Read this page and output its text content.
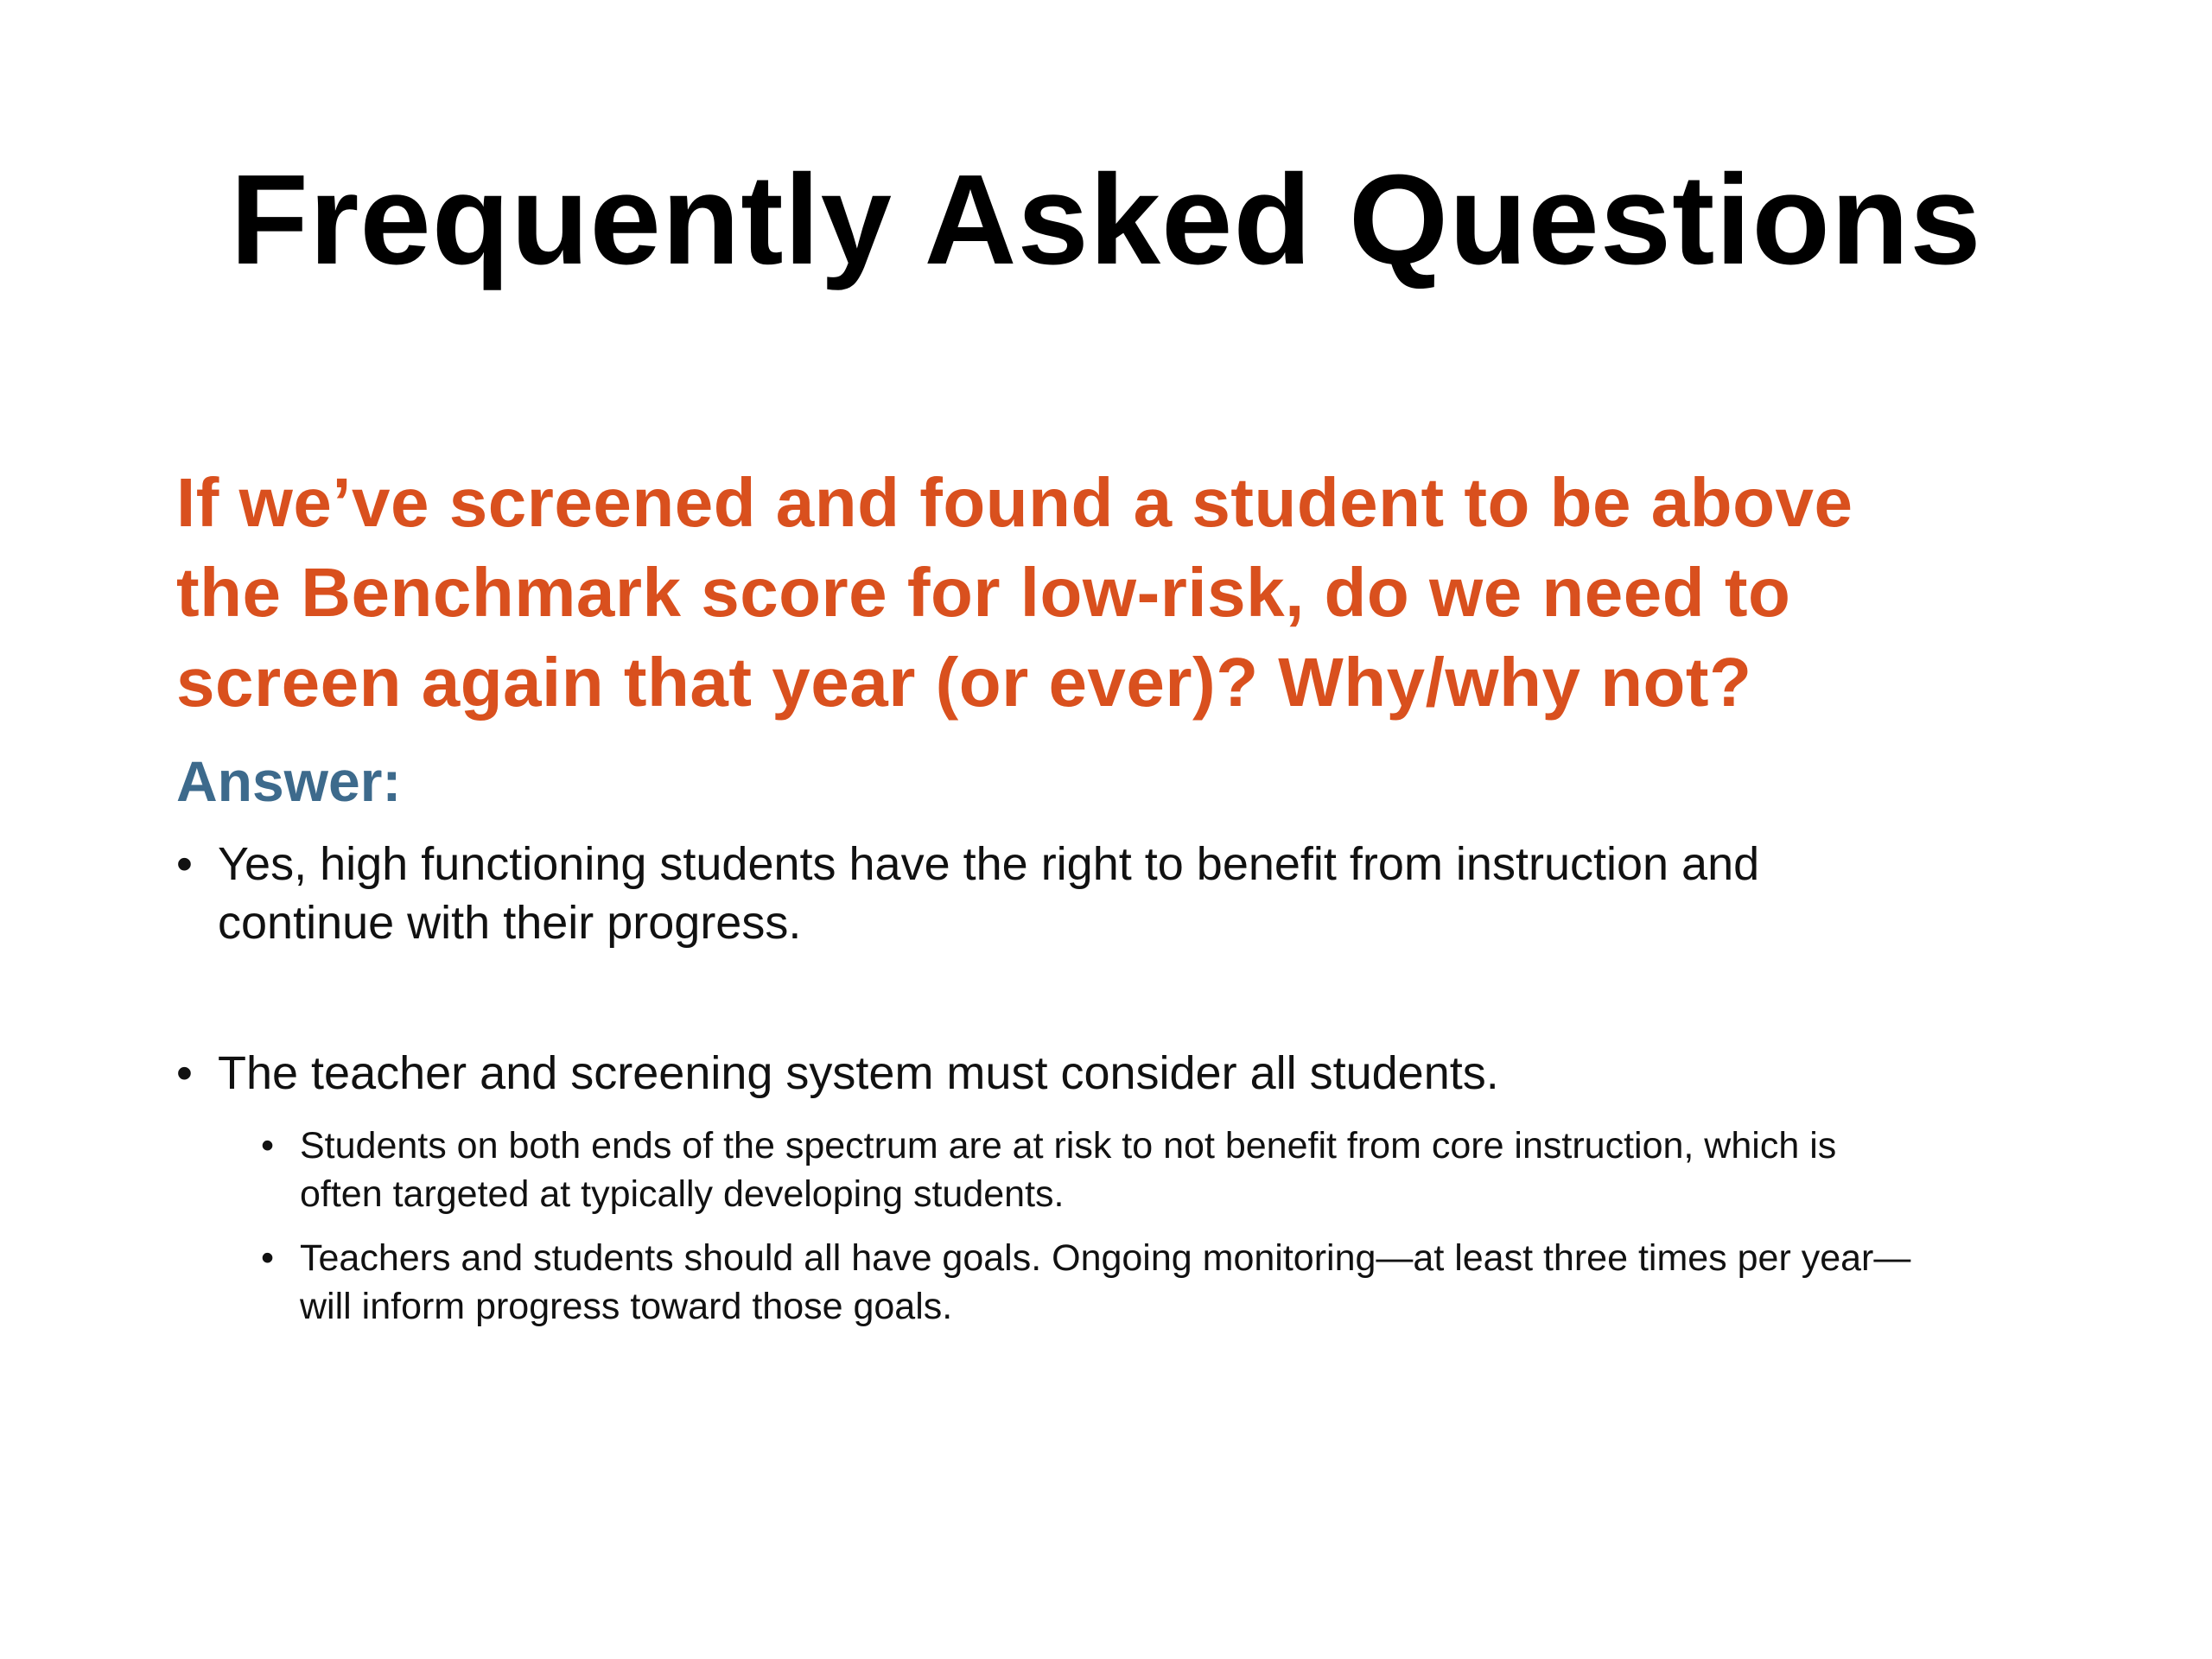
Frequently Asked Questions
If we’ve screened and found a student to be above
the Benchmark score for low-risk, do we need to
screen again that year (or ever)? Why/why not?
Answer:
• Yes, high functioning students have the right to benefit from instruction and
continue with their progress.
• The teacher and screening system must consider all students.
• Students on both ends of the spectrum are at risk to not benefit from core instruction, which is
often targeted at typically developing students.
• Teachers and students should all have goals. Ongoing monitoring—at least three times per year—
will inform progress toward those goals.
